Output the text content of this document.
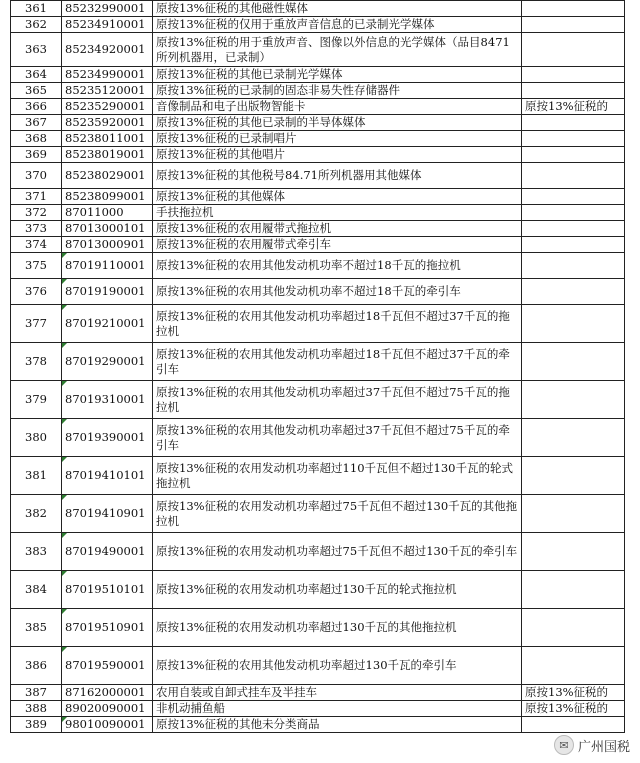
361	85232990001	原按13%征税的其他磁性媒体	
362	85234910001	原按13%征税的仅用于重放声音信息的已录制光学媒体	
363	85234920001	原按13%征税的用于重放声音、图像以外信息的光学媒体（品目8471所列机器用，已录制）	
364	85234990001	原按13%征税的其他已录制光学媒体	
365	85235120001	原按13%征税的已录制的固态非易失性存储器件	
366	85235290001	音像制品和电子出版物智能卡	原按13%征税的
367	85235920001	原按13%征税的其他已录制的半导体媒体	
368	85238011001	原按13%征税的已录制唱片	
369	85238019001	原按13%征税的其他唱片	
370	85238029001	原按13%征税的其他税号84.71所列机器用其他媒体	
371	85238099001	原按13%征税的其他媒体	
372	87011000	手扶拖拉机	
373	87013000101	原按13%征税的农用履带式拖拉机	
374	87013000901	原按13%征税的农用履带式牵引车	
375	87019110001	原按13%征税的农用其他发动机功率不超过18千瓦的拖拉机	
376	87019190001	原按13%征税的农用其他发动机功率不超过18千瓦的牵引车	
377	87019210001	原按13%征税的农用其他发动机功率超过18千瓦但不超过37千瓦的拖拉机	
378	87019290001	原按13%征税的农用其他发动机功率超过18千瓦但不超过37千瓦的牵引车	
379	87019310001	原按13%征税的农用其他发动机功率超过37千瓦但不超过75千瓦的拖拉机	
380	87019390001	原按13%征税的农用其他发动机功率超过37千瓦但不超过75千瓦的牵引车	
381	87019410101	原按13%征税的农用发动机功率超过110千瓦但不超过130千瓦的轮式拖拉机	
382	87019410901	原按13%征税的农用发动机功率超过75千瓦但不超过130千瓦的其他拖拉机	
383	87019490001	原按13%征税的农用发动机功率超过75千瓦但不超过130千瓦的牵引车	
384	87019510101	原按13%征税的农用发动机功率超过130千瓦的轮式拖拉机	
385	87019510901	原按13%征税的农用发动机功率超过130千瓦的其他拖拉机	
386	87019590001	原按13%征税的农用其他发动机功率超过130千瓦的牵引车	
387	87162000001	农用自装或自卸式挂车及半挂车	原按13%征税的
388	89020090001	非机动捕鱼船	原按13%征税的
389	98010090001	原按13%征税的其他未分类商品	
✉ 广州国税
